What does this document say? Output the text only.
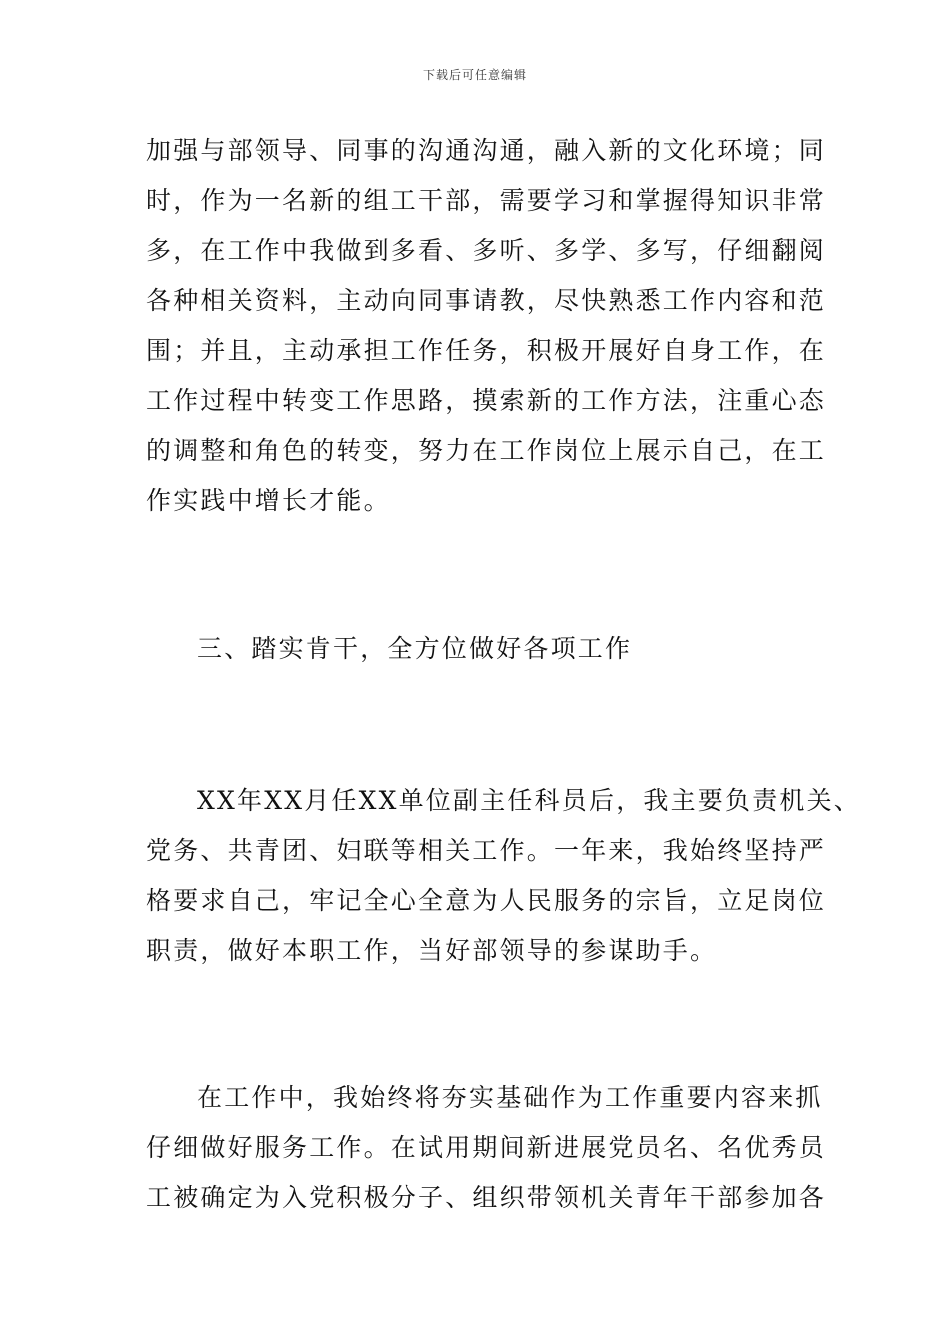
下载后可任意编辑
加强与部领导、同事的沟通沟通，融入新的文化环境；同
时，作为一名新的组工干部，需要学习和掌握得知识非常
多，在工作中我做到多看、多听、多学、多写，仔细翻阅
各种相关资料，主动向同事请教，尽快熟悉工作内容和范
围；并且，主动承担工作任务，积极开展好自身工作，在
工作过程中转变工作思路，摸索新的工作方法，注重心态
的调整和角色的转变，努力在工作岗位上展示自己，在工
作实践中增长才能。
三、踏实肯干，全方位做好各项工作
XX年XX月任XX单位副主任科员后，我主要负责机关、
党务、共青团、妇联等相关工作。一年来，我始终坚持严
格要求自己，牢记全心全意为人民服务的宗旨，立足岗位
职责，做好本职工作，当好部领导的参谋助手。
在工作中，我始终将夯实基础作为工作重要内容来抓
仔细做好服务工作。在试用期间新进展党员名、名优秀员
工被确定为入党积极分子、组织带领机关青年干部参加各
